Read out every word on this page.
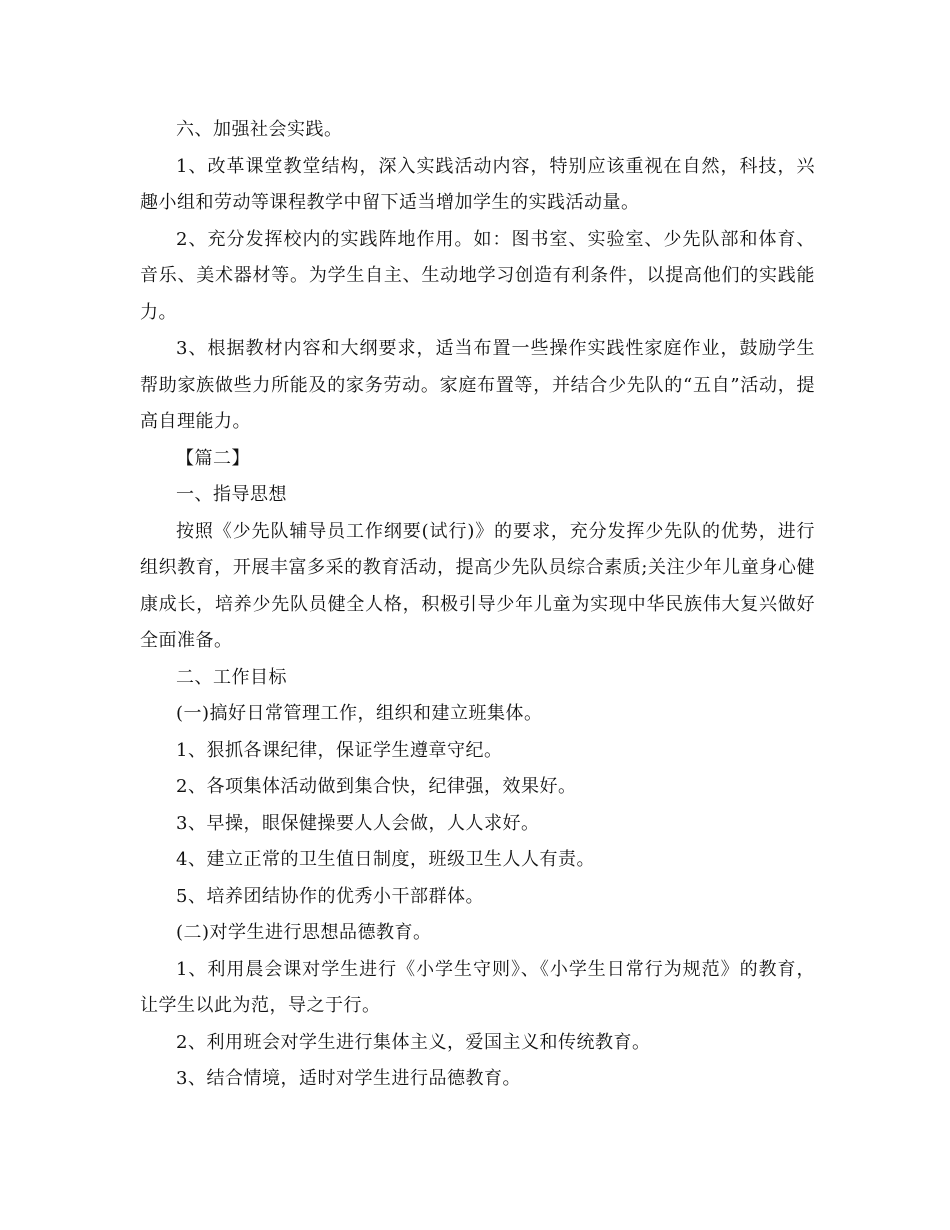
六、加强社会实践。

1、改革课堂教堂结构，深入实践活动内容，特别应该重视在自然，科技，兴趣小组和劳动等课程教学中留下适当增加学生的实践活动量。

2、充分发挥校内的实践阵地作用。如：图书室、实验室、少先队部和体育、音乐、美术器材等。为学生自主、生动地学习创造有利条件，以提高他们的实践能力。

3、根据教材内容和大纲要求，适当布置一些操作实践性家庭作业，鼓励学生帮助家族做些力所能及的家务劳动。家庭布置等，并结合少先队的“五自”活动，提高自理能力。

【篇二】

一、指导思想

按照《少先队辅导员工作纲要(试行)》的要求，充分发挥少先队的优势，进行组织教育，开展丰富多采的教育活动，提高少先队员综合素质;关注少年儿童身心健康成长，培养少先队员健全人格，积极引导少年儿童为实现中华民族伟大复兴做好全面准备。

二、工作目标

(一)搞好日常管理工作，组织和建立班集体。

1、狠抓各课纪律，保证学生遵章守纪。

2、各项集体活动做到集合快，纪律强，效果好。

3、早操，眼保健操要人人会做，人人求好。

4、建立正常的卫生值日制度，班级卫生人人有责。

5、培养团结协作的优秀小干部群体。

(二)对学生进行思想品德教育。

1、利用晨会课对学生进行《小学生守则》、《小学生日常行为规范》的教育，让学生以此为范，导之于行。

2、利用班会对学生进行集体主义，爱国主义和传统教育。

3、结合情境，适时对学生进行品德教育。
